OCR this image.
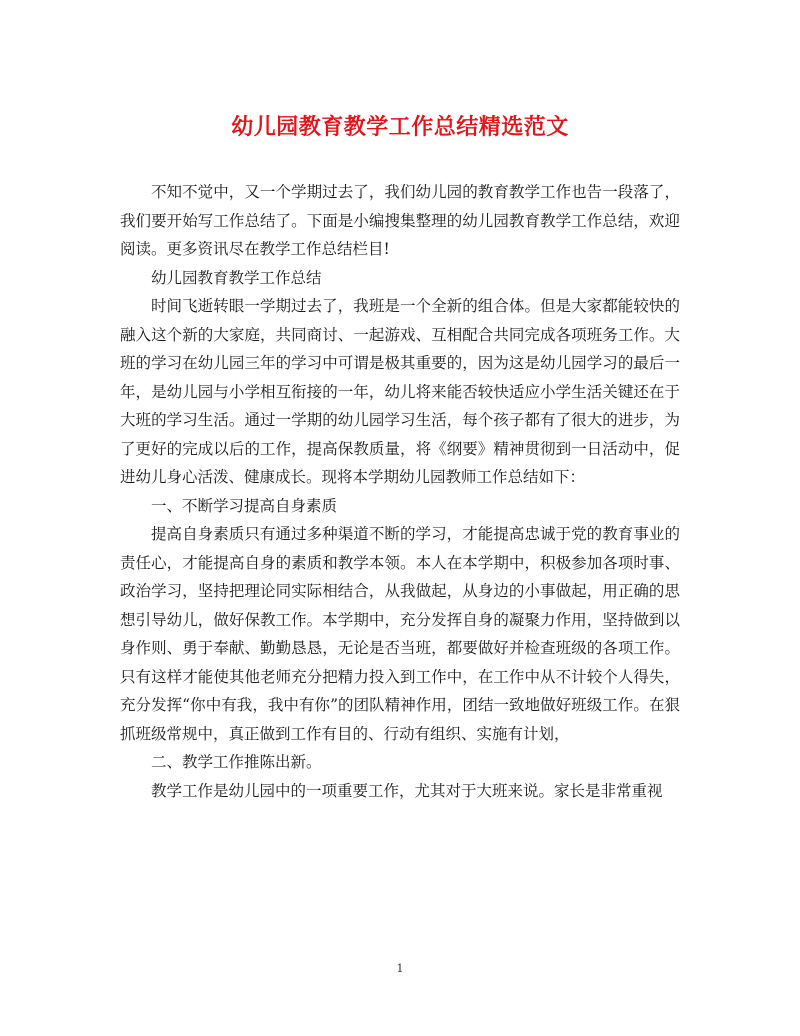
幼儿园教育教学工作总结精选范文

不知不觉中，又一个学期过去了，我们幼儿园的教育教学工作也告一段落了，我们要开始写工作总结了。下面是小编搜集整理的幼儿园教育教学工作总结，欢迎阅读。更多资讯尽在教学工作总结栏目!

幼儿园教育教学工作总结

时间飞逝转眼一学期过去了，我班是一个全新的组合体。但是大家都能较快的融入这个新的大家庭，共同商讨、一起游戏、互相配合共同完成各项班务工作。大班的学习在幼儿园三年的学习中可谓是极其重要的，因为这是幼儿园学习的最后一年，是幼儿园与小学相互衔接的一年，幼儿将来能否较快适应小学生活关键还在于大班的学习生活。通过一学期的幼儿园学习生活，每个孩子都有了很大的进步，为了更好的完成以后的工作，提高保教质量，将《纲要》精神贯彻到一日活动中，促进幼儿身心活泼、健康成长。现将本学期幼儿园教师工作总结如下：

一、不断学习提高自身素质

提高自身素质只有通过多种渠道不断的学习，才能提高忠诚于党的教育事业的责任心，才能提高自身的素质和教学本领。本人在本学期中，积极参加各项时事、政治学习，坚持把理论同实际相结合，从我做起，从身边的小事做起，用正确的思想引导幼儿，做好保教工作。本学期中，充分发挥自身的凝聚力作用，坚持做到以身作则、勇于奉献、勤勤恳恳，无论是否当班，都要做好并检查班级的各项工作。只有这样才能使其他老师充分把精力投入到工作中，在工作中从不计较个人得失，充分发挥“你中有我，我中有你”的团队精神作用，团结一致地做好班级工作。在狠抓班级常规中，真正做到工作有目的、行动有组织、实施有计划，

二、教学工作推陈出新。

教学工作是幼儿园中的一项重要工作，尤其对于大班来说。家长是非常重视

1
